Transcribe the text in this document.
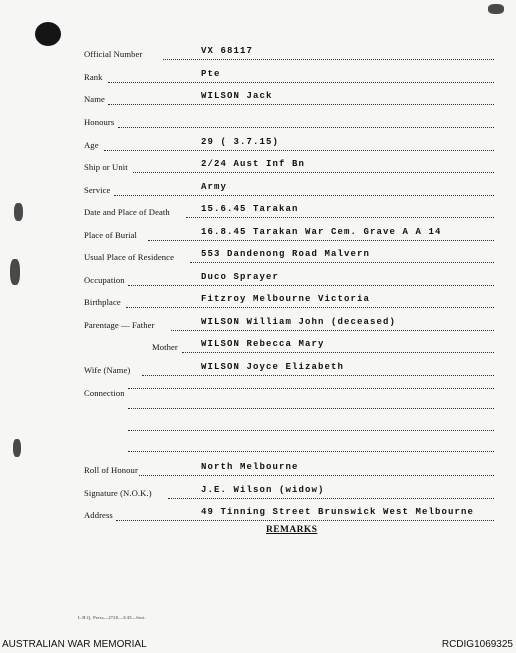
Official Number	VX 68117
Rank	Pte
Name	WILSON Jack
Honours
Age	29 ( 3.7.15)
Ship or Unit	2/24 Aust Inf Bn
Service	Army
Date and Place of Death	15.6.45 Tarakan
Place of Burial	16.8.45 Tarakan War Cem. Grave A A 14
Usual Place of Residence	553 Dandenong Road Malvern
Occupation	Duco Sprayer
Birthplace	Fitzroy Melbourne Victoria
Parentage — Father	WILSON William John (deceased)
Mother	WILSON Rebecca Mary
Wife (Name)	WILSON Joyce Elizabeth
Connection
Roll of Honour	North Melbourne
Signature (N.O.K.)	J.E. Wilson (widow)
Address	49 Tinning Street Brunswick West Melbourne
REMARKS
L.H.Q. Press—2720—3/45—6ost.
AUSTRALIAN WAR MEMORIAL	RCDIG1069325
